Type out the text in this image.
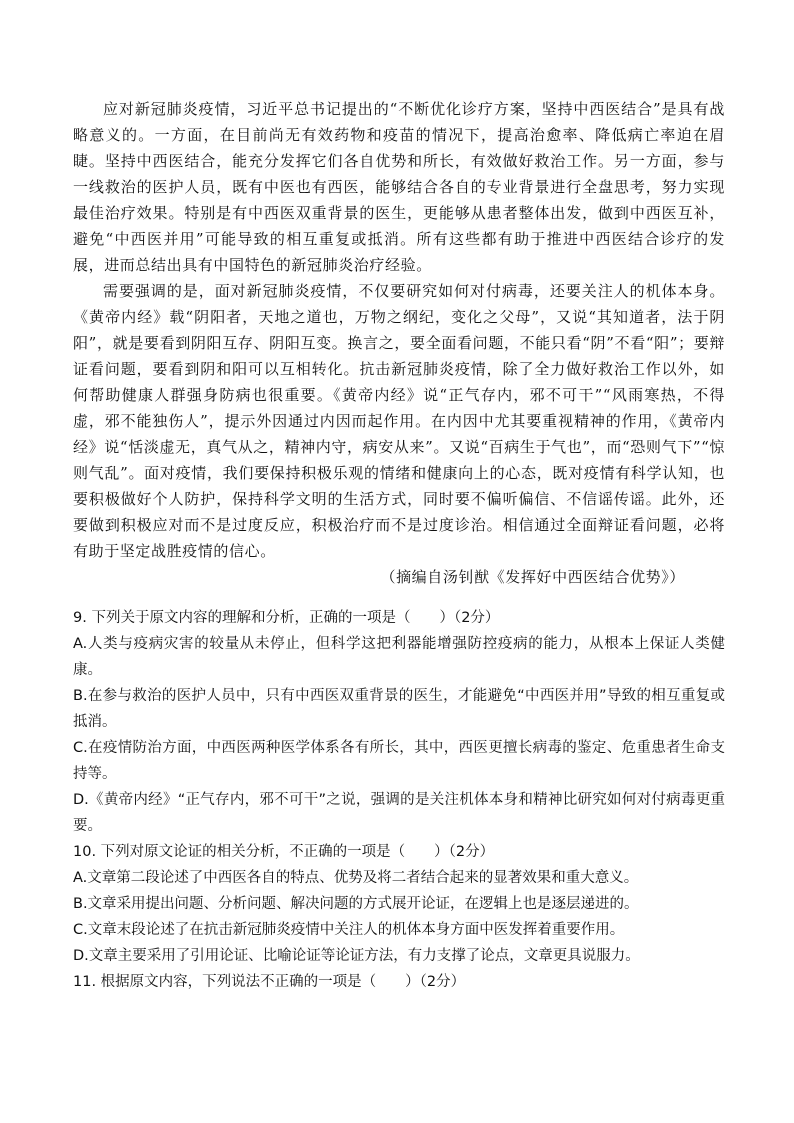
应对新冠肺炎疫情，习近平总书记提出的“不断优化诊疗方案，坚持中西医结合”是具有战略意义的。一方面，在目前尚无有效药物和疫苗的情况下，提高治愈率、降低病亡率迫在眉睫。坚持中西医结合，能充分发挥它们各自优势和所长，有效做好救治工作。另一方面，参与一线救治的医护人员，既有中医也有西医，能够结合各自的专业背景进行全盘思考，努力实现最佳治疗效果。特别是有中西医双重背景的医生，更能够从患者整体出发，做到中西医互补，避免“中西医并用”可能导致的相互重复或抵消。所有这些都有助于推进中西医结合诊疗的发展，进而总结出具有中国特色的新冠肺炎治疗经验。

需要强调的是，面对新冠肺炎疫情，不仅要研究如何对付病毒，还要关注人的机体本身。《黄帝内经》载“阴阳者，天地之道也，万物之纲纪，变化之父母”，又说“其知道者，法于阴阳”，就是要看到阴阳互存、阴阳互变。换言之，要全面看问题，不能只看“阴”不看“阳”；要辩证看问题，要看到阴和阳可以互相转化。抗击新冠肺炎疫情，除了全力做好救治工作以外，如何帮助健康人群强身防病也很重要。《黄帝内经》说“正气存内，邪不可干”“风雨寒热，不得虚，邪不能独伤人”，提示外因通过内因而起作用。在内因中尤其要重视精神的作用，《黄帝内经》说“恬淡虚无，真气从之，精神内守，病安从来”。又说“百病生于气也”，而“恐则气下”“惊则气乱”。面对疫情，我们要保持积极乐观的情绪和健康向上的心态，既对疫情有科学认知，也要积极做好个人防护，保持科学文明的生活方式，同时要不偏听偏信、不信谣传谣。此外，还要做到积极应对而不是过度反应，积极治疗而不是过度诊治。相信通过全面辩证看问题，必将有助于坚定战胜疫情的信心。

（摘编自汤钊猷《发挥好中西医结合优势》）

9. 下列关于原文内容的理解和分析，正确的一项是（　　）（2分）

A.人类与疫病灾害的较量从未停止，但科学这把利器能增强防控疫病的能力，从根本上保证人类健康。

B.在参与救治的医护人员中，只有中西医双重背景的医生，才能避免“中西医并用”导致的相互重复或抵消。

C.在疫情防治方面，中西医两种医学体系各有所长，其中，西医更擅长病毒的鉴定、危重患者生命支持等。

D.《黄帝内经》“正气存内，邪不可干”之说，强调的是关注机体本身和精神比研究如何对付病毒更重要。

10. 下列对原文论证的相关分析，不正确的一项是（　　）（2分）

A.文章第二段论述了中西医各自的特点、优势及将二者结合起来的显著效果和重大意义。

B.文章采用提出问题、分析问题、解决问题的方式展开论证，在逻辑上也是逐层递进的。

C.文章末段论述了在抗击新冠肺炎疫情中关注人的机体本身方面中医发挥着重要作用。

D.文章主要采用了引用论证、比喻论证等论证方法，有力支撑了论点，文章更具说服力。

11. 根据原文内容，下列说法不正确的一项是（　　）（2分）
